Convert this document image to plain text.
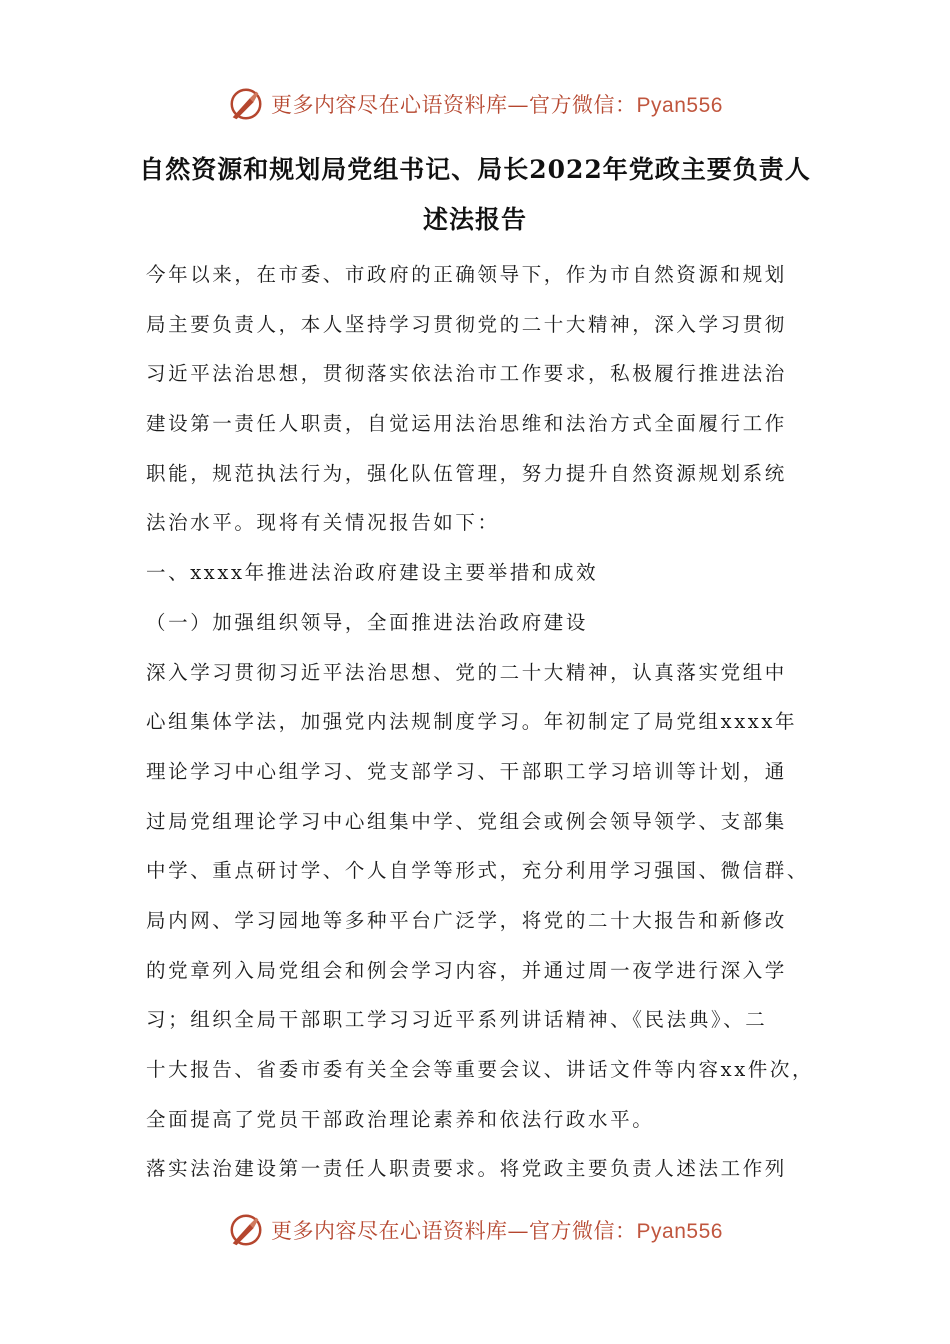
更多内容尽在心语资料库—官方微信：Pyan556
自然资源和规划局党组书记、局长2022年党政主要负责人
述法报告
今年以来，在市委、市政府的正确领导下，作为市自然资源和规划
局主要负责人，本人坚持学习贯彻党的二十大精神，深入学习贯彻
习近平法治思想，贯彻落实依法治市工作要求，私极履行推进法治
建设第一责任人职责，自觉运用法治思维和法治方式全面履行工作
职能，规范执法行为，强化队伍管理，努力提升自然资源规划系统
法治水平。现将有关情况报告如下：
一、xxxx年推进法治政府建设主要举措和成效
（一）加强组织领导，全面推进法治政府建设
深入学习贯彻习近平法治思想、党的二十大精神，认真落实党组中
心组集体学法，加强党内法规制度学习。年初制定了局党组xxxx年
理论学习中心组学习、党支部学习、干部职工学习培训等计划，通
过局党组理论学习中心组集中学、党组会或例会领导领学、支部集
中学、重点研讨学、个人自学等形式，充分利用学习强国、微信群、
局内网、学习园地等多种平台广泛学，将党的二十大报告和新修改
的党章列入局党组会和例会学习内容，并通过周一夜学进行深入学
习；组织全局干部职工学习习近平系列讲话精神、《民法典》、二
十大报告、省委市委有关全会等重要会议、讲话文件等内容xx件次，
全面提高了党员干部政治理论素养和依法行政水平。
落实法治建设第一责任人职责要求。将党政主要负责人述法工作列
更多内容尽在心语资料库—官方微信：Pyan556
